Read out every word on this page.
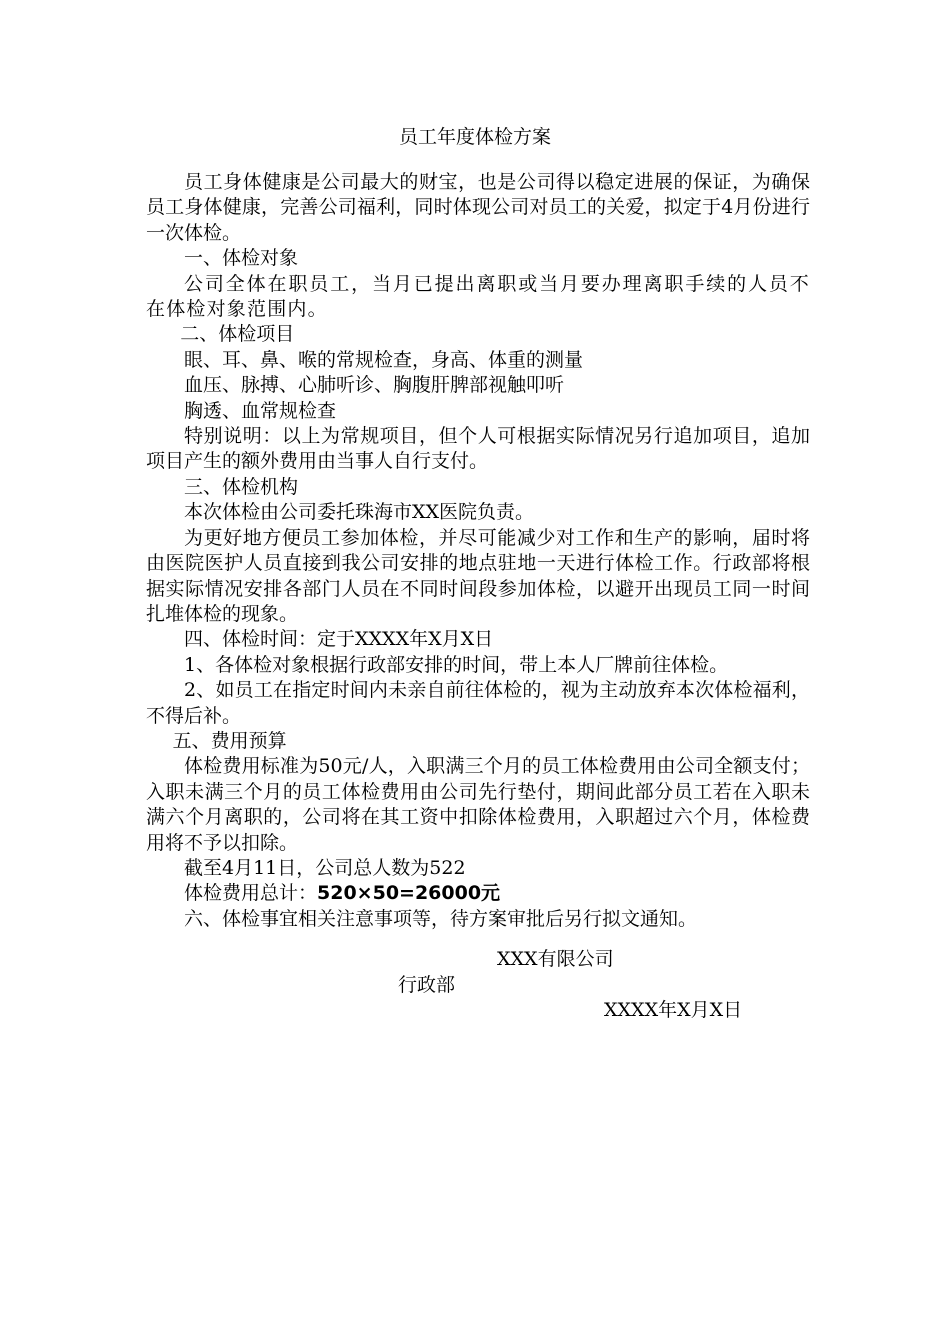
员工年度体检方案

员工身体健康是公司最大的财宝，也是公司得以稳定进展的保证，为确保员工身体健康，完善公司福利，同时体现公司对员工的关爱，拟定于4月份进行一次体检。

一、体检对象

公司全体在职员工，当月已提出离职或当月要办理离职手续的人员不在体检对象范围内。

二、体检项目

眼、耳、鼻、喉的常规检查，身高、体重的测量

血压、脉搏、心肺听诊、胸腹肝脾部视触叩听

胸透、血常规检查

特别说明：以上为常规项目，但个人可根据实际情况另行追加项目，追加项目产生的额外费用由当事人自行支付。

三、体检机构

本次体检由公司委托珠海市XX医院负责。

为更好地方便员工参加体检，并尽可能减少对工作和生产的影响，届时将由医院医护人员直接到我公司安排的地点驻地一天进行体检工作。行政部将根据实际情况安排各部门人员在不同时间段参加体检，以避开出现员工同一时间扎堆体检的现象。

四、体检时间：定于XXXX年X月X日

1、各体检对象根据行政部安排的时间，带上本人厂牌前往体检。

2、如员工在指定时间内未亲自前往体检的，视为主动放弃本次体检福利，不得后补。

五、费用预算

体检费用标准为50元/人，入职满三个月的员工体检费用由公司全额支付；入职未满三个月的员工体检费用由公司先行垫付，期间此部分员工若在入职未满六个月离职的，公司将在其工资中扣除体检费用，入职超过六个月，体检费用将不予以扣除。

截至4月11日，公司总人数为522

体检费用总计：520×50=26000元

六、体检事宜相关注意事项等，待方案审批后另行拟文通知。

XXX有限公司
行政部
XXXX年X月X日
